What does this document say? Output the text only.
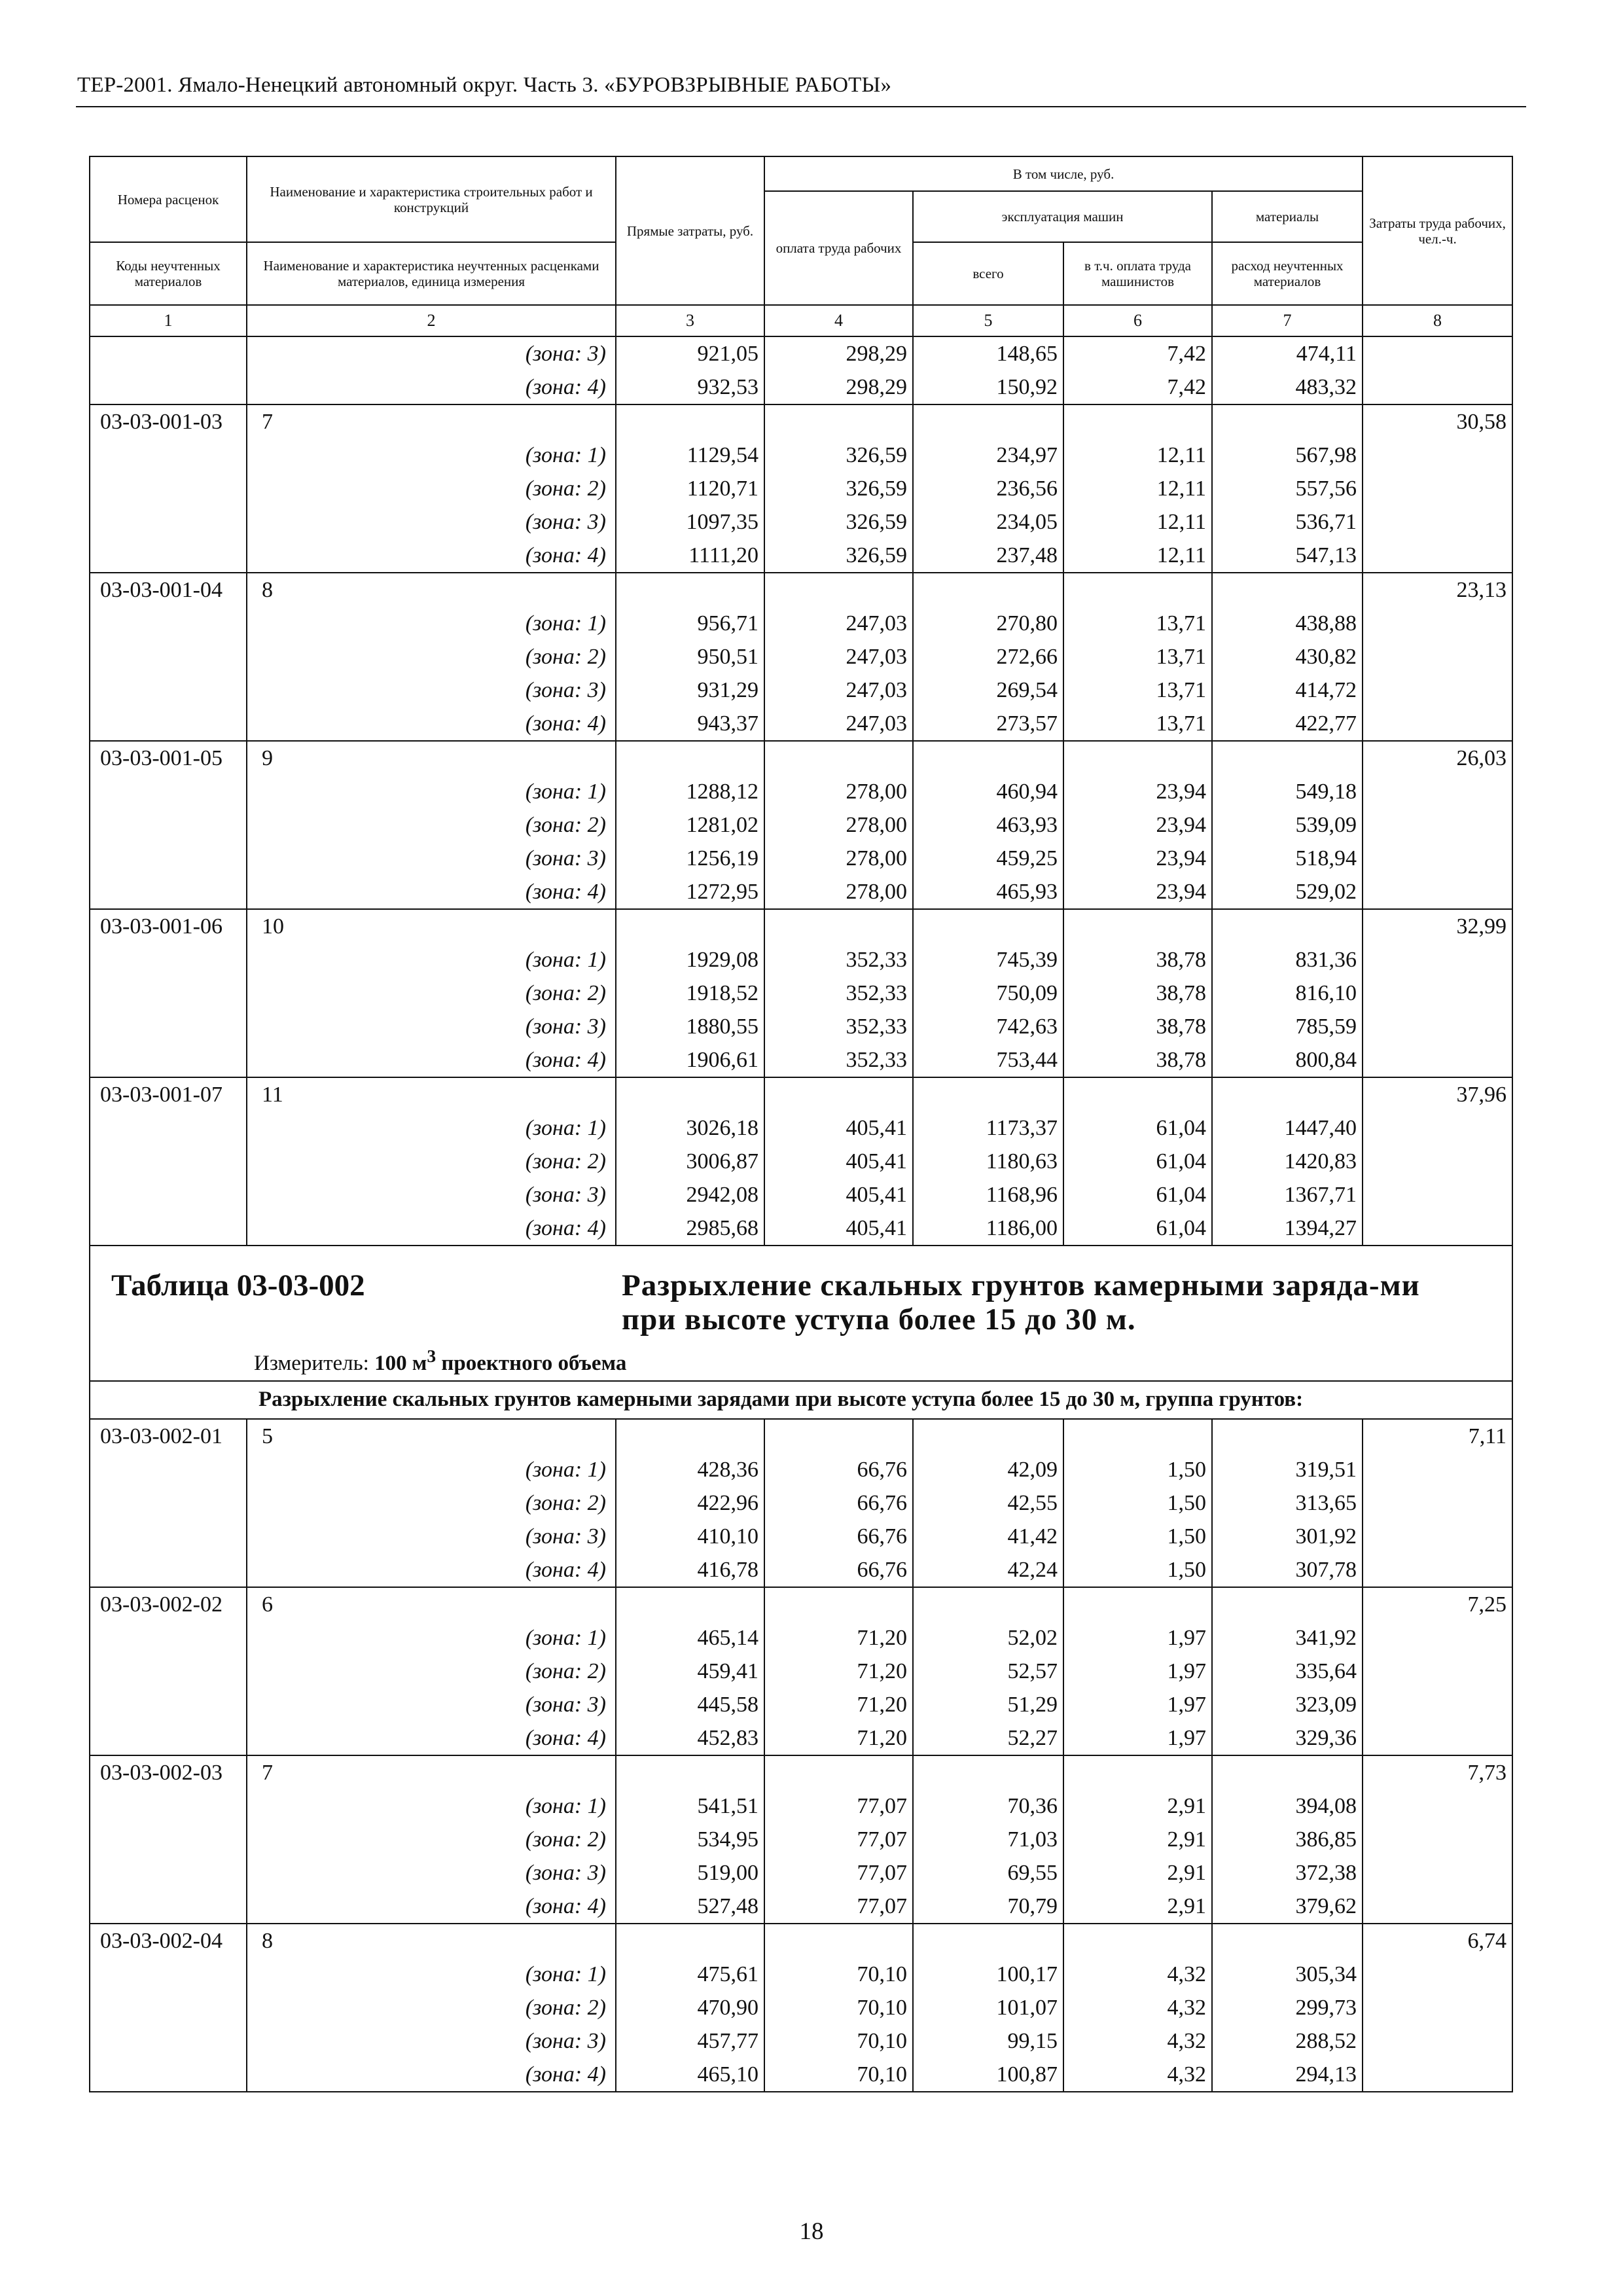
ТЕР-2001. Ямало-Ненецкий автономный округ. Часть 3. «БУРОВЗРЫВНЫЕ РАБОТЫ»
Номера расценок	Наименование и характеристика строительных работ и конструкций	Прямые затраты, руб.	В том числе, руб.				Затраты труда рабочих, чел.-ч.
			оплата труда рабочих	эксплуатация машин		материалы	
Коды неучтенных материалов	Наименование и характеристика неучтенных расценками материалов, единица измерения			всего	в т.ч. оплата труда машинистов	расход неучтенных материалов	
1	2	3	4	5	6	7	8
	(зона: 3)	921,05	298,29	148,65	7,42	474,11	
	(зона: 4)	932,53	298,29	150,92	7,42	483,32	
03-03-001-03	7						30,58
	(зона: 1)	1129,54	326,59	234,97	12,11	567,98	
	(зона: 2)	1120,71	326,59	236,56	12,11	557,56	
	(зона: 3)	1097,35	326,59	234,05	12,11	536,71	
	(зона: 4)	1111,20	326,59	237,48	12,11	547,13	
03-03-001-04	8						23,13
	(зона: 1)	956,71	247,03	270,80	13,71	438,88	
	(зона: 2)	950,51	247,03	272,66	13,71	430,82	
	(зона: 3)	931,29	247,03	269,54	13,71	414,72	
	(зона: 4)	943,37	247,03	273,57	13,71	422,77	
03-03-001-05	9						26,03
	(зона: 1)	1288,12	278,00	460,94	23,94	549,18	
	(зона: 2)	1281,02	278,00	463,93	23,94	539,09	
	(зона: 3)	1256,19	278,00	459,25	23,94	518,94	
	(зона: 4)	1272,95	278,00	465,93	23,94	529,02	
03-03-001-06	10						32,99
	(зона: 1)	1929,08	352,33	745,39	38,78	831,36	
	(зона: 2)	1918,52	352,33	750,09	38,78	816,10	
	(зона: 3)	1880,55	352,33	742,63	38,78	785,59	
	(зона: 4)	1906,61	352,33	753,44	38,78	800,84	
03-03-001-07	11						37,96
	(зона: 1)	3026,18	405,41	1173,37	61,04	1447,40	
	(зона: 2)	3006,87	405,41	1180,63	61,04	1420,83	
	(зона: 3)	2942,08	405,41	1168,96	61,04	1367,71	
	(зона: 4)	2985,68	405,41	1186,00	61,04	1394,27	

Таблица 03-03-002 Разрыхление скальных грунтов камерными заряда-ми при высоте уступа более 15 до 30 м.
Измеритель: 100 $м^3$ проектного объема							

	Разрыхление скальных грунтов камерными зарядами при высоте уступа более 15 до 30 м, группа грунтов:						

03-03-002-01	5						7,11
	(зона: 1)	428,36	66,76	42,09	1,50	319,51	
	(зона: 2)	422,96	66,76	42,55	1,50	313,65	
	(зона: 3)	410,10	66,76	41,42	1,50	301,92	
	(зона: 4)	416,78	66,76	42,24	1,50	307,78	
03-03-002-02	6						7,25
	(зона: 1)	465,14	71,20	52,02	1,97	341,92	
	(зона: 2)	459,41	71,20	52,57	1,97	335,64	
	(зона: 3)	445,58	71,20	51,29	1,97	323,09	
	(зона: 4)	452,83	71,20	52,27	1,97	329,36	
03-03-002-03	7						7,73
	(зона: 1)	541,51	77,07	70,36	2,91	394,08	
	(зона: 2)	534,95	77,07	71,03	2,91	386,85	
	(зона: 3)	519,00	77,07	69,55	2,91	372,38	
	(зона: 4)	527,48	77,07	70,79	2,91	379,62	
03-03-002-04	8						6,74
	(зона: 1)	475,61	70,10	100,17	4,32	305,34	
	(зона: 2)	470,90	70,10	101,07	4,32	299,73	
	(зона: 3)	457,77	70,10	99,15	4,32	288,52	
	(зона: 4)	465,10	70,10	100,87	4,32	294,13	
18
